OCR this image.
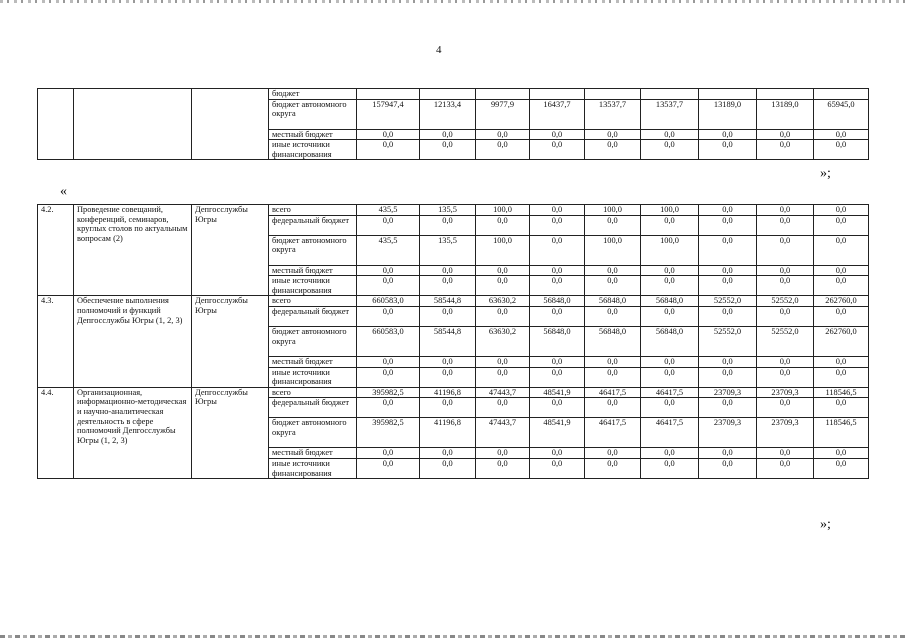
4
			бюджет									
			бюджет автономного округа	157947,4	12133,4	9977,9	16437,7	13537,7	13537,7	13189,0	13189,0	65945,0
			местный бюджет	0,0	0,0	0,0	0,0	0,0	0,0	0,0	0,0	0,0
			иные источники финансирования	0,0	0,0	0,0	0,0	0,0	0,0	0,0	0,0	0,0
»;
«
4.2.	Проведение совещаний, конференций, семинаров, круглых столов по актуальным вопросам (2)	Депгосслужбы Югры	всего	435,5	135,5	100,0	0,0	100,0	100,0	0,0	0,0	0,0
			федеральный бюджет	0,0	0,0	0,0	0,0	0,0	0,0	0,0	0,0	0,0
			бюджет автономного округа	435,5	135,5	100,0	0,0	100,0	100,0	0,0	0,0	0,0
			местный бюджет	0,0	0,0	0,0	0,0	0,0	0,0	0,0	0,0	0,0
			иные источники финансирования	0,0	0,0	0,0	0,0	0,0	0,0	0,0	0,0	0,0
4.3.	Обеспечение выполнения полномочий и функций Депгосслужбы Югры (1, 2, 3)	Депгосслужбы Югры	всего	660583,0	58544,8	63630,2	56848,0	56848,0	56848,0	52552,0	52552,0	262760,0
			федеральный бюджет	0,0	0,0	0,0	0,0	0,0	0,0	0,0	0,0	0,0
			бюджет автономного округа	660583,0	58544,8	63630,2	56848,0	56848,0	56848,0	52552,0	52552,0	262760,0
			местный бюджет	0,0	0,0	0,0	0,0	0,0	0,0	0,0	0,0	0,0
			иные источники финансирования	0,0	0,0	0,0	0,0	0,0	0,0	0,0	0,0	0,0
4.4.	Организационная, информационно-методическая и научно-аналитическая деятельность в сфере полномочий Депгосслужбы Югры (1, 2, 3)	Депгосслужбы Югры	всего	395982,5	41196,8	47443,7	48541,9	46417,5	46417,5	23709,3	23709,3	118546,5
			федеральный бюджет	0,0	0,0	0,0	0,0	0,0	0,0	0,0	0,0	0,0
			бюджет автономного округа	395982,5	41196,8	47443,7	48541,9	46417,5	46417,5	23709,3	23709,3	118546,5
			местный бюджет	0,0	0,0	0,0	0,0	0,0	0,0	0,0	0,0	0,0
			иные источники финансирования	0,0	0,0	0,0	0,0	0,0	0,0	0,0	0,0	0,0
»;
